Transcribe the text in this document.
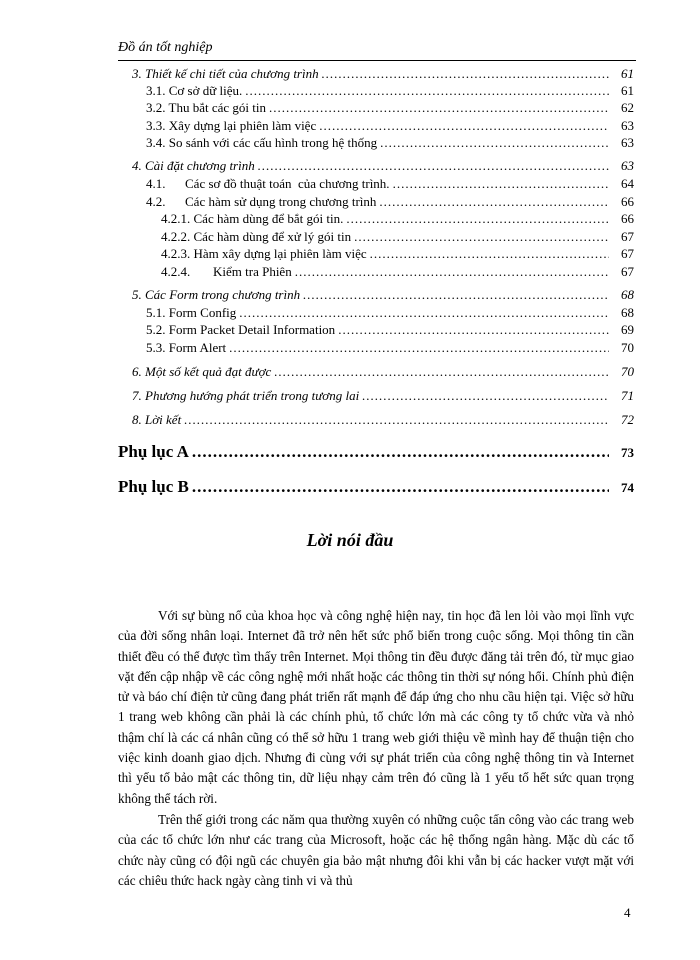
Đồ án tốt nghiệp
3. Thiết kế chi tiết của chương trình .....	61
3.1. Cơ sở dữ liệu. .....	61
3.2. Thu bắt các gói tin .....	62
3.3. Xây dựng lại phiên làm việc .....	63
3.4. So sánh với các cấu hình trong hệ thống .....	63
4. Cài đặt chương trình .....	63
4.1.      Các sơ đồ thuật toán  của chương trình. .....	64
4.2.      Các hàm sử dụng trong chương trình .....	66
4.2.1. Các hàm dùng để bắt gói tin. .....	66
4.2.2. Các hàm dùng để xử lý gói tin .....	67
4.2.3. Hàm xây dựng lại phiên làm việc .....	67
4.2.4.       Kiểm tra Phiên .....	67
5. Các Form trong chương trình .....	68
5.1. Form Config .....	68
5.2. Form Packet Detail Information .....	69
5.3. Form Alert .....	70
6. Một số kết quả đạt được .....	70
7. Phương hướng phát triển trong tương lai .....	71
8. Lời kết .....	72
Phụ lục A .....	73
Phụ lục B .....	74
Lời nói đầu

Với sự bùng nổ của khoa học và công nghệ hiện nay, tin học đã len lỏi vào mọi lĩnh vực của đời sống nhân loại. Internet đã trở nên hết sức phổ biến trong cuộc sống. Mọi thông tin cần thiết đều có thể được tìm thấy trên Internet. Mọi thông tin đều được đăng tải trên đó, từ mục giao vặt đến cập nhập về các công nghệ mới nhất hoặc các thông tin thời sự nóng hổi. Chính phủ điện tử và báo chí điện tử cũng đang phát triển rất mạnh để đáp ứng cho nhu cầu hiện tại. Việc sở hữu 1 trang web không cần phải là các chính phủ, tổ chức lớn mà các công ty tổ chức vừa và nhỏ thậm chí là các cá nhân cũng có thể sở hữu 1 trang web giới thiệu về mình hay để thuận tiện cho việc kinh doanh giao dịch. Nhưng đi cùng với sự phát triển của công nghệ thông tin và Internet thì yếu tố bảo mật các thông tin, dữ liệu nhạy cảm trên đó cũng là 1 yếu tố hết sức quan trọng không thể tách rời.

Trên thế giới trong các năm qua thường xuyên có những cuộc tấn công vào các trang web của các tổ chức lớn như các trang của Microsoft, hoặc các hệ thống ngân hàng. Mặc dù các tổ chức này cũng có đội ngũ các chuyên gia bảo mật nhưng đôi khi vẫn bị các hacker vượt mặt với các chiêu thức hack ngày càng tinh vi và thủ

4
